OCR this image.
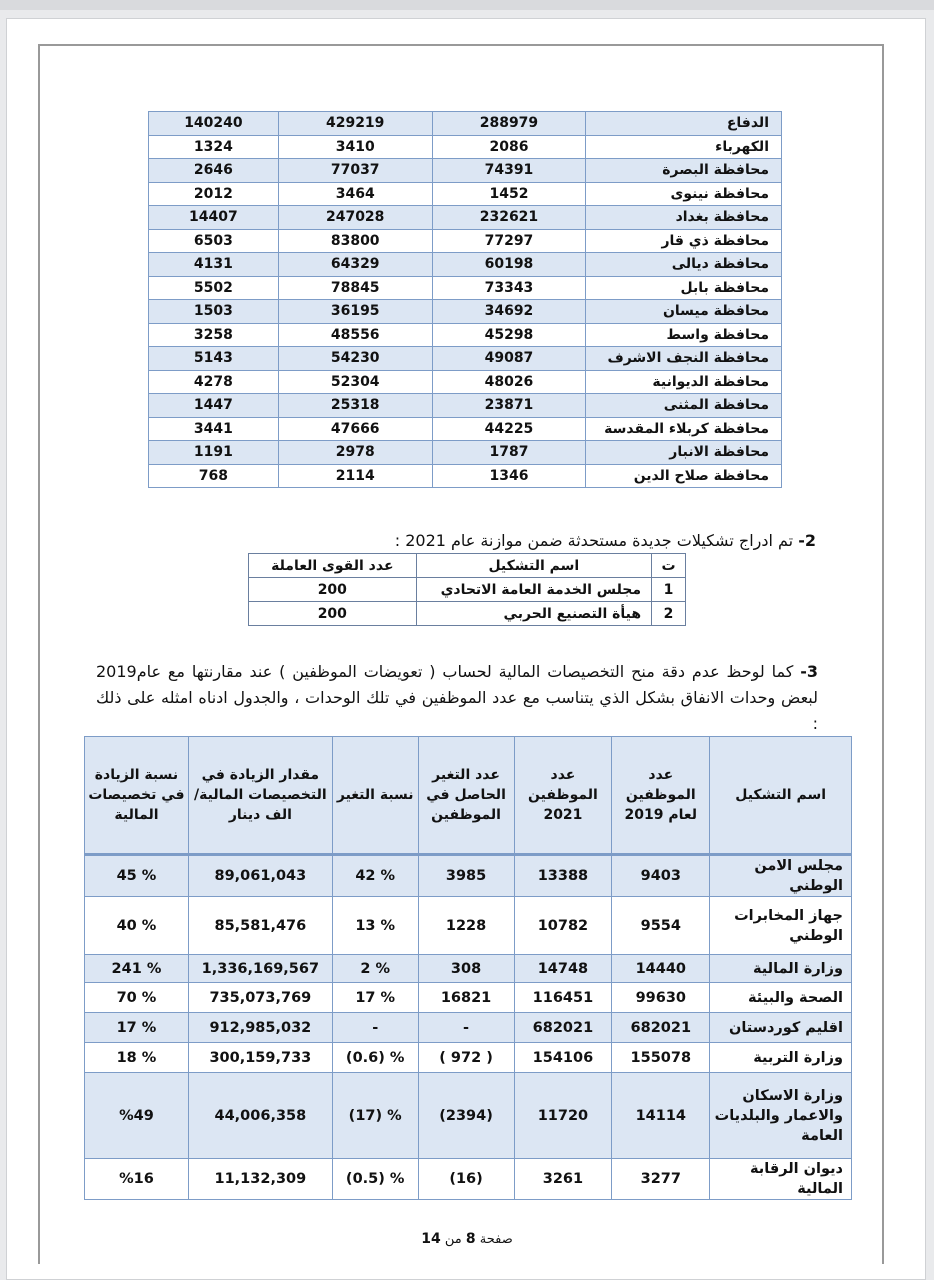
الدفاع	288979	429219	140240
الكهرباء	2086	3410	1324
محافظة البصرة	74391	77037	2646
محافظة نينوى	1452	3464	2012
محافظة بغداد	232621	247028	14407
محافظة ذي قار	77297	83800	6503
محافظة ديالى	60198	64329	4131
محافظة بابل	73343	78845	5502
محافظة ميسان	34692	36195	1503
محافظة واسط	45298	48556	3258
محافظة النجف الاشرف	49087	54230	5143
محافظة الديوانية	48026	52304	4278
محافظة المثنى	23871	25318	1447
محافظة كربلاء المقدسة	44225	47666	3441
محافظة الانبار	1787	2978	1191
محافظة صلاح الدين	1346	2114	768
2- تم ادراج تشكيلات جديدة مستحدثة ضمن موازنة عام 2021 :
ت	اسم التشكيل	عدد القوى العاملة
1	مجلس الخدمة العامة الاتحادي	200
2	هيأة التصنيع الحربي	200
3- كما لوحظ عدم دقة منح التخصيصات المالية لحساب ( تعويضات الموظفين ) عند مقارنتها مع عام2019 لبعض وحدات الانفاق بشكل الذي يتناسب مع عدد الموظفين في تلك الوحدات ، والجدول ادناه امثله على ذلك :
اسم التشكيل	عدد الموظفين لعام 2019	عدد الموظفين 2021	عدد التغير الحاصل في الموظفين	نسبة التغير	مقدار الزيادة في التخصيصات المالية/ الف دينار	نسبة الزيادة في تخصيصات المالية
مجلس الامن الوطني	9403	13388	3985	% 42	89,061,043	% 45
جهاز المخابرات الوطني	9554	10782	1228	% 13	85,581,476	% 40
وزارة المالية	14440	14748	308	% 2	1,336,169,567	% 241
الصحة والبيئة	99630	116451	16821	% 17	735,073,769	% 70
اقليم كوردستان	682021	682021	-	-	912,985,032	% 17
وزارة التربية	155078	154106	( 972 )	% (0.6)	300,159,733	% 18
وزارة الاسكان والاعمار والبلديات العامة	14114	11720	(2394)	% (17)	44,006,358	%49
ديوان الرقابة المالية	3277	3261	(16)	% (0.5)	11,132,309	%16
صفحة 8 من 14
